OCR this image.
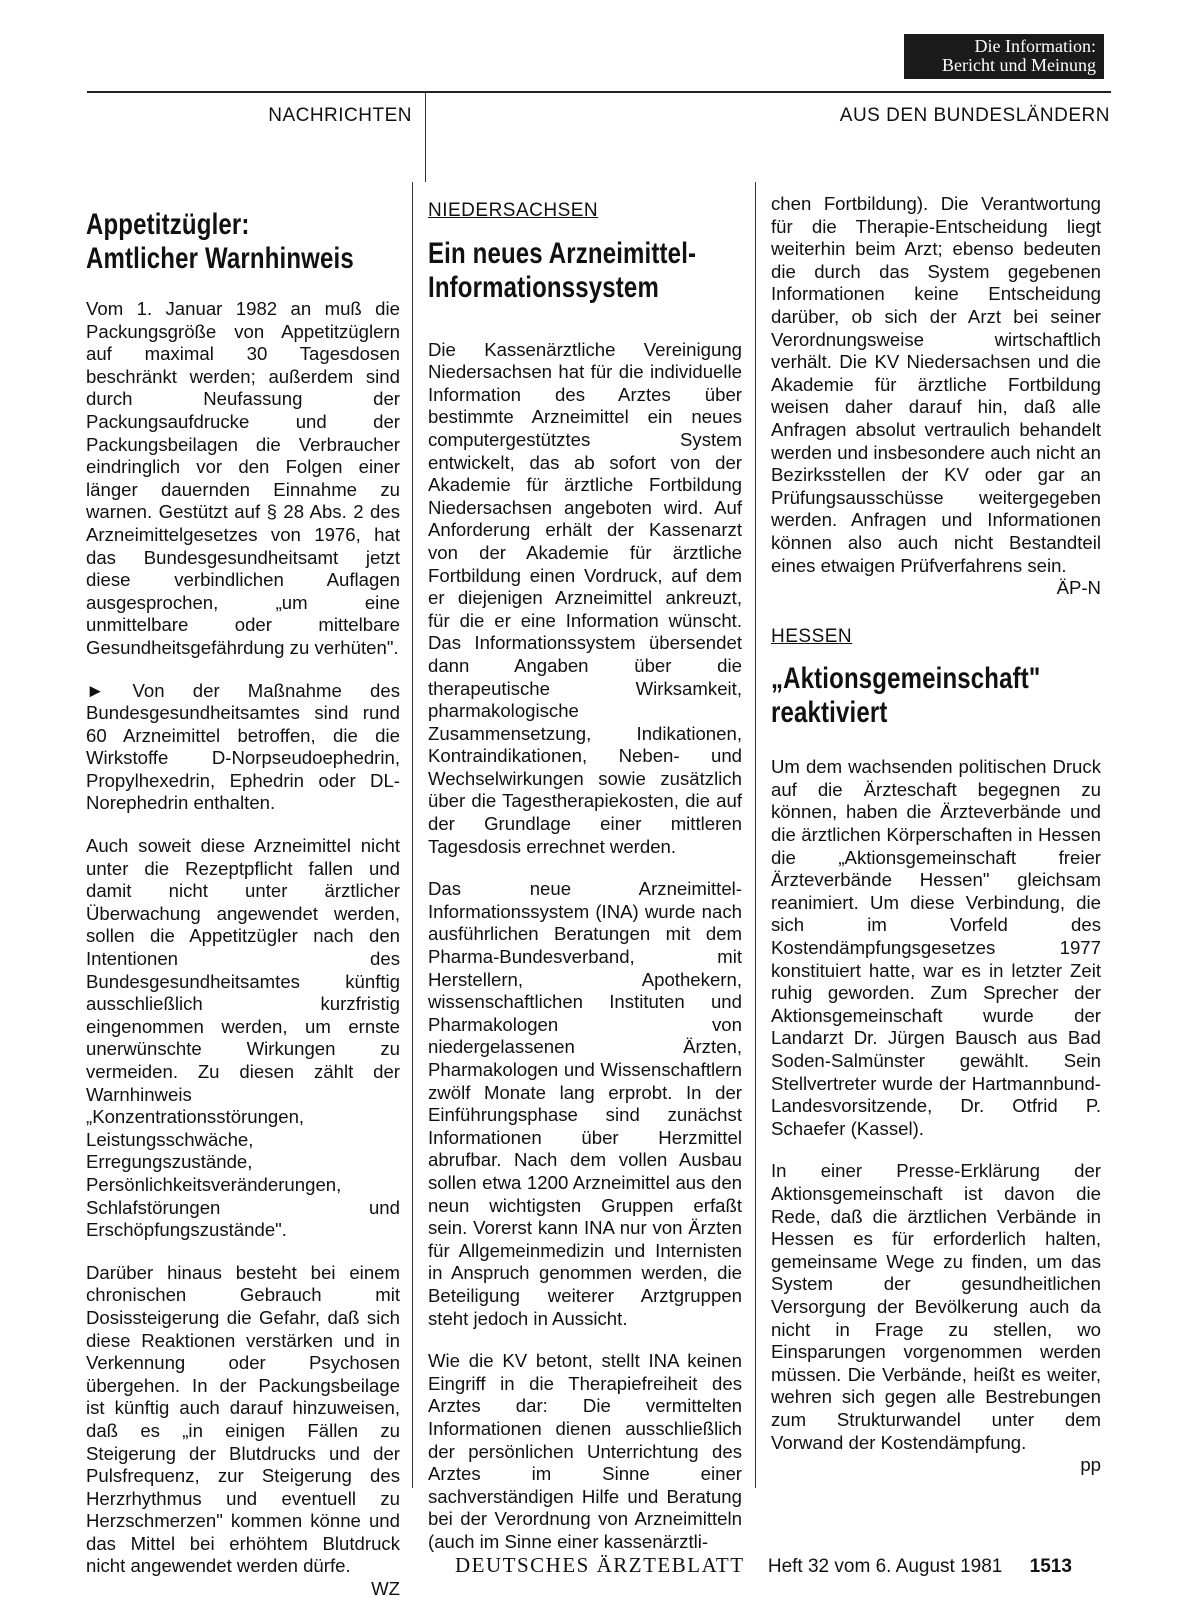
Die Information:
Bericht und Meinung
NACHRICHTEN	AUS DEN BUNDESLÄNDERN
Appetitzügler:
Amtlicher Warnhinweis

Vom 1. Januar 1982 an muß die Packungsgröße von Appetitzüglern auf maximal 30 Tagesdosen beschränkt werden; außerdem sind durch Neufassung der Packungsaufdrucke und der Packungsbeilagen die Verbraucher eindringlich vor den Folgen einer länger dauernden Einnahme zu warnen. Gestützt auf § 28 Abs. 2 des Arzneimittelgesetzes von 1976, hat das Bundesgesundheitsamt jetzt diese verbindlichen Auflagen ausgesprochen, „um eine unmittelbare oder mittelbare Gesundheitsgefährdung zu verhüten".

► Von der Maßnahme des Bundesgesundheitsamtes sind rund 60 Arzneimittel betroffen, die die Wirkstoffe D-Norpseudoephedrin, Propylhexedrin, Ephedrin oder DL-Norephedrin enthalten.

Auch soweit diese Arzneimittel nicht unter die Rezeptpflicht fallen und damit nicht unter ärztlicher Überwachung angewendet werden, sollen die Appetitzügler nach den Intentionen des Bundesgesundheitsamtes künftig ausschließlich kurzfristig eingenommen werden, um ernste unerwünschte Wirkungen zu vermeiden. Zu diesen zählt der Warnhinweis „Konzentrationsstörungen, Leistungsschwäche, Erregungszustände, Persönlichkeitsveränderungen, Schlafstörungen und Erschöpfungszustände".

Darüber hinaus besteht bei einem chronischen Gebrauch mit Dosissteigerung die Gefahr, daß sich diese Reaktionen verstärken und in Verkennung oder Psychosen übergehen. In der Packungsbeilage ist künftig auch darauf hinzuweisen, daß es „in einigen Fällen zu Steigerung der Blutdrucks und der Pulsfrequenz, zur Steigerung des Herzrhythmus und eventuell zu Herzschmerzen" kommen könne und das Mittel bei erhöhtem Blutdruck nicht angewendet werden dürfe.

WZ

NIEDERSACHSEN

Ein neues Arzneimittel-
Informationssystem

Die Kassenärztliche Vereinigung Niedersachsen hat für die individuelle Information des Arztes über bestimmte Arzneimittel ein neues computergestütztes System entwickelt, das ab sofort von der Akademie für ärztliche Fortbildung Niedersachsen angeboten wird. Auf Anforderung erhält der Kassenarzt von der Akademie für ärztliche Fortbildung einen Vordruck, auf dem er diejenigen Arzneimittel ankreuzt, für die er eine Information wünscht. Das Informationssystem übersendet dann Angaben über die therapeutische Wirksamkeit, pharmakologische Zusammensetzung, Indikationen, Kontraindikationen, Neben- und Wechselwirkungen sowie zusätzlich über die Tagestherapiekosten, die auf der Grundlage einer mittleren Tagesdosis errechnet werden.

Das neue Arzneimittel-Informationssystem (INA) wurde nach ausführlichen Beratungen mit dem Pharma-Bundesverband, mit Herstellern, Apothekern, wissenschaftlichen Instituten und Pharmakologen von niedergelassenen Ärzten, Pharmakologen und Wissenschaftlern zwölf Monate lang erprobt. In der Einführungsphase sind zunächst Informationen über Herzmittel abrufbar. Nach dem vollen Ausbau sollen etwa 1200 Arzneimittel aus den neun wichtigsten Gruppen erfaßt sein. Vorerst kann INA nur von Ärzten für Allgemeinmedizin und Internisten in Anspruch genommen werden, die Beteiligung weiterer Arztgruppen steht jedoch in Aussicht.

Wie die KV betont, stellt INA keinen Eingriff in die Therapiefreiheit des Arztes dar: Die vermittelten Informationen dienen ausschließlich der persönlichen Unterrichtung des Arztes im Sinne einer sachverständigen Hilfe und Beratung bei der Verordnung von Arzneimitteln (auch im Sinne einer kassenärztli-

chen Fortbildung). Die Verantwortung für die Therapie-Entscheidung liegt weiterhin beim Arzt; ebenso bedeuten die durch das System gegebenen Informationen keine Entscheidung darüber, ob sich der Arzt bei seiner Verordnungsweise wirtschaftlich verhält. Die KV Niedersachsen und die Akademie für ärztliche Fortbildung weisen daher darauf hin, daß alle Anfragen absolut vertraulich behandelt werden und insbesondere auch nicht an Bezirksstellen der KV oder gar an Prüfungsausschüsse weitergegeben werden. Anfragen und Informationen können also auch nicht Bestandteil eines etwaigen Prüfverfahrens sein.

ÄP-N

HESSEN

„Aktionsgemeinschaft"
reaktiviert

Um dem wachsenden politischen Druck auf die Ärzteschaft begegnen zu können, haben die Ärzteverbände und die ärztlichen Körperschaften in Hessen die „Aktionsgemeinschaft freier Ärzteverbände Hessen" gleichsam reanimiert. Um diese Verbindung, die sich im Vorfeld des Kostendämpfungsgesetzes 1977 konstituiert hatte, war es in letzter Zeit ruhig geworden. Zum Sprecher der Aktionsgemeinschaft wurde der Landarzt Dr. Jürgen Bausch aus Bad Soden-Salmünster gewählt. Sein Stellvertreter wurde der Hartmannbund-Landesvorsitzende, Dr. Otfrid P. Schaefer (Kassel).

In einer Presse-Erklärung der Aktionsgemeinschaft ist davon die Rede, daß die ärztlichen Verbände in Hessen es für erforderlich halten, gemeinsame Wege zu finden, um das System der gesundheitlichen Versorgung der Bevölkerung auch da nicht in Frage zu stellen, wo Einsparungen vorgenommen werden müssen. Die Verbände, heißt es weiter, wehren sich gegen alle Bestrebungen zum Strukturwandel unter dem Vorwand der Kostendämpfung.

pp

DEUTSCHES ÄRZTEBLATT Heft 32 vom 6. August 1981 1513
